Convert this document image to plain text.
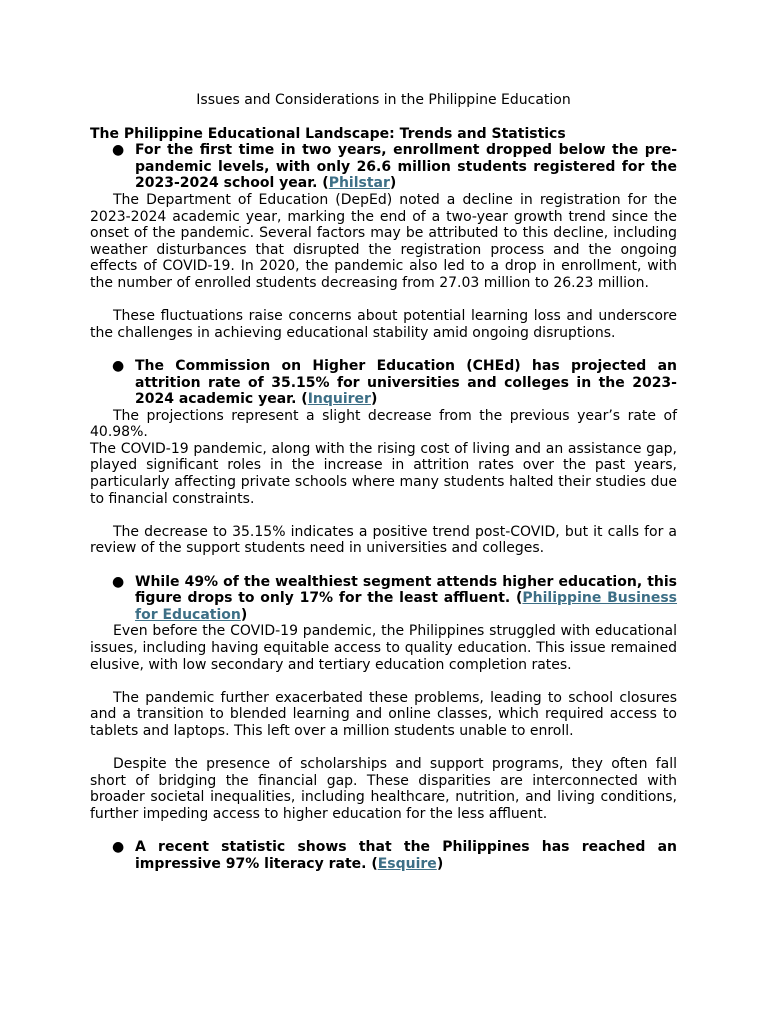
Issues and Considerations in the Philippine Education

The Philippine Educational Landscape: Trends and Statistics

● For the first time in two years, enrollment dropped below the pre-pandemic levels, with only 26.6 million students registered for the 2023-2024 school year. (Philstar)

The Department of Education (DepEd) noted a decline in registration for the 2023-2024 academic year, marking the end of a two-year growth trend since the onset of the pandemic. Several factors may be attributed to this decline, including weather disturbances that disrupted the registration process and the ongoing effects of COVID-19. In 2020, the pandemic also led to a drop in enrollment, with the number of enrolled students decreasing from 27.03 million to 26.23 million.

These fluctuations raise concerns about potential learning loss and underscore the challenges in achieving educational stability amid ongoing disruptions.

● The Commission on Higher Education (CHEd) has projected an attrition rate of 35.15% for universities and colleges in the 2023-2024 academic year. (Inquirer)

The projections represent a slight decrease from the previous year’s rate of 40.98%.

The COVID-19 pandemic, along with the rising cost of living and an assistance gap, played significant roles in the increase in attrition rates over the past years, particularly affecting private schools where many students halted their studies due to financial constraints.

The decrease to 35.15% indicates a positive trend post-COVID, but it calls for a review of the support students need in universities and colleges.

● While 49% of the wealthiest segment attends higher education, this figure drops to only 17% for the least affluent. (Philippine Business for Education)

Even before the COVID-19 pandemic, the Philippines struggled with educational issues, including having equitable access to quality education. This issue remained elusive, with low secondary and tertiary education completion rates.

The pandemic further exacerbated these problems, leading to school closures and a transition to blended learning and online classes, which required access to tablets and laptops. This left over a million students unable to enroll.

Despite the presence of scholarships and support programs, they often fall short of bridging the financial gap. These disparities are interconnected with broader societal inequalities, including healthcare, nutrition, and living conditions, further impeding access to higher education for the less affluent.

● A recent statistic shows that the Philippines has reached an impressive 97% literacy rate. (Esquire)
